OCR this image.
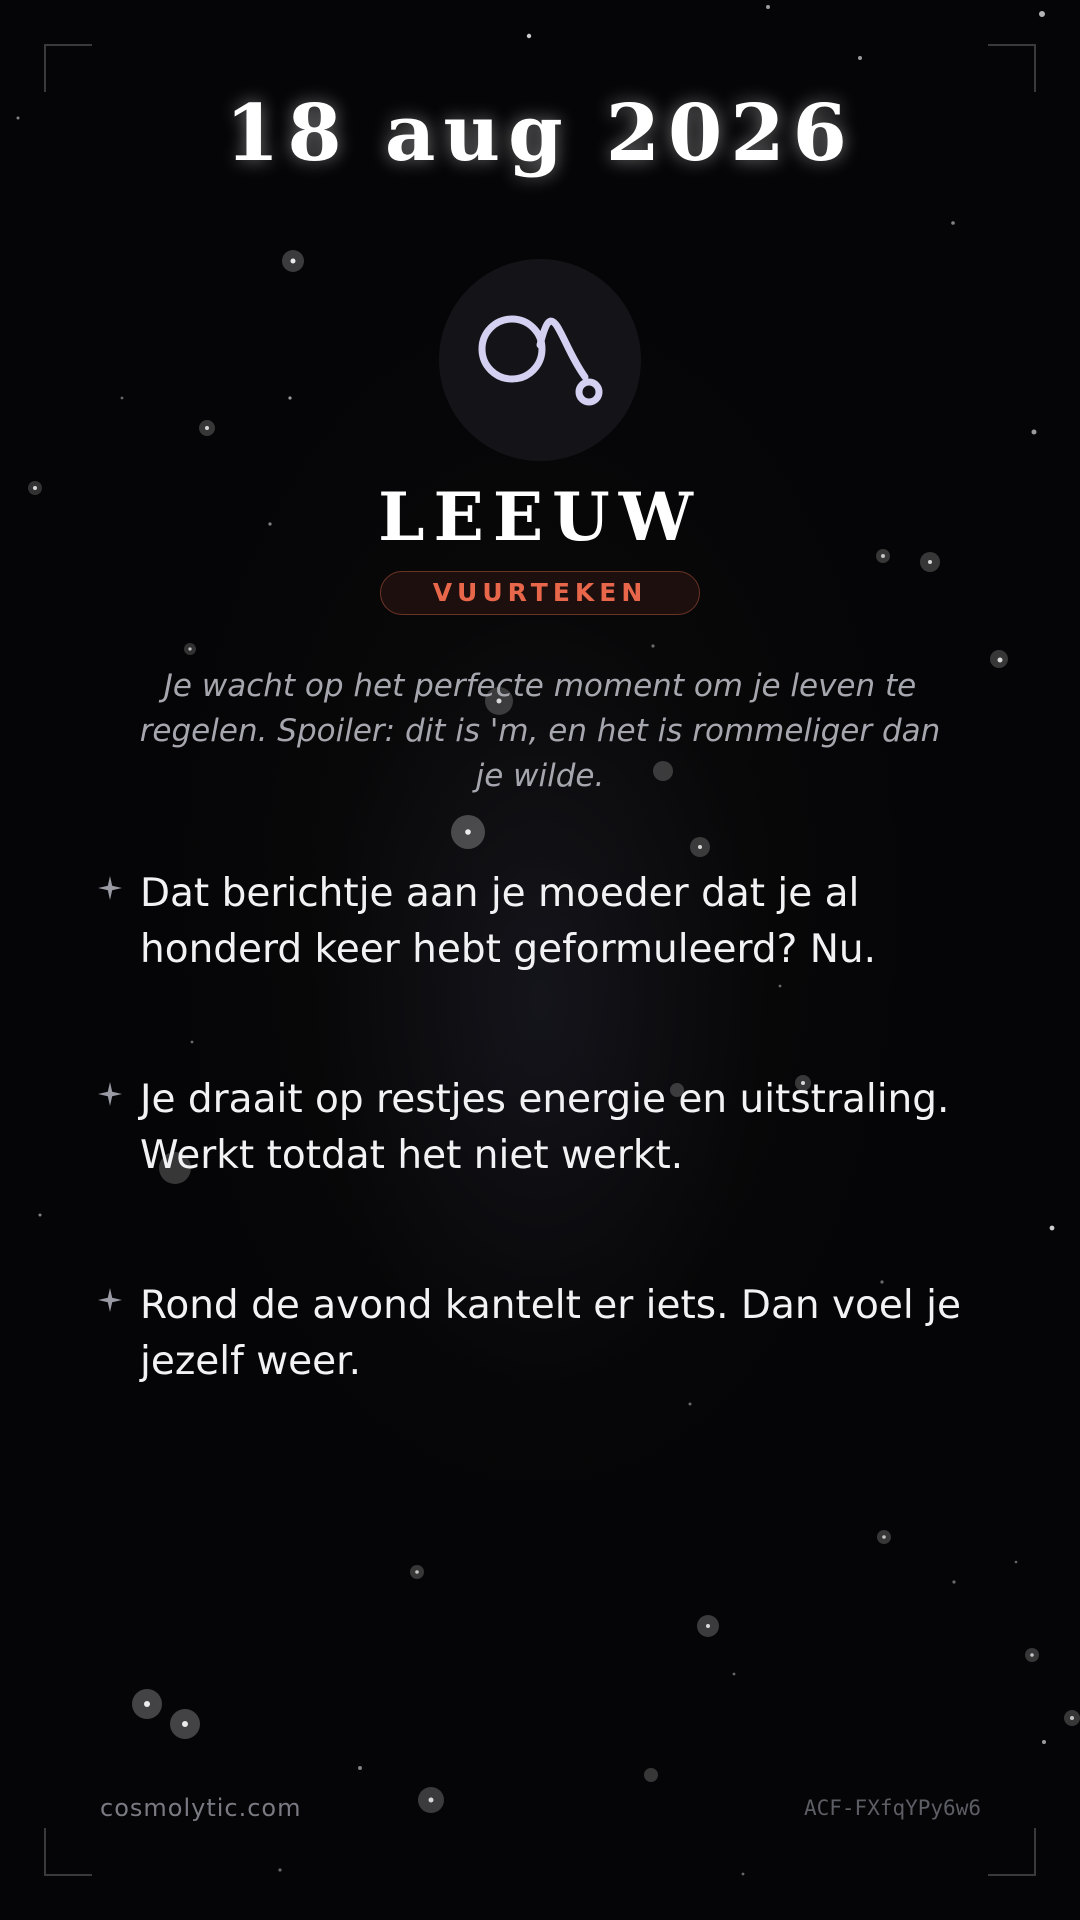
18 aug 2026
LEEUW
VUURTEKEN
Je wacht op het perfecte moment om je leven te regelen. Spoiler: dit is 'm, en het is rommeliger dan je wilde.
Dat berichtje aan je moeder dat je al honderd keer hebt geformuleerd? Nu.
Je draait op restjes energie en uitstraling. Werkt totdat het niet werkt.
Rond de avond kantelt er iets. Dan voel je jezelf weer.
cosmolytic.com	ACF-FXfqYPy6w6
